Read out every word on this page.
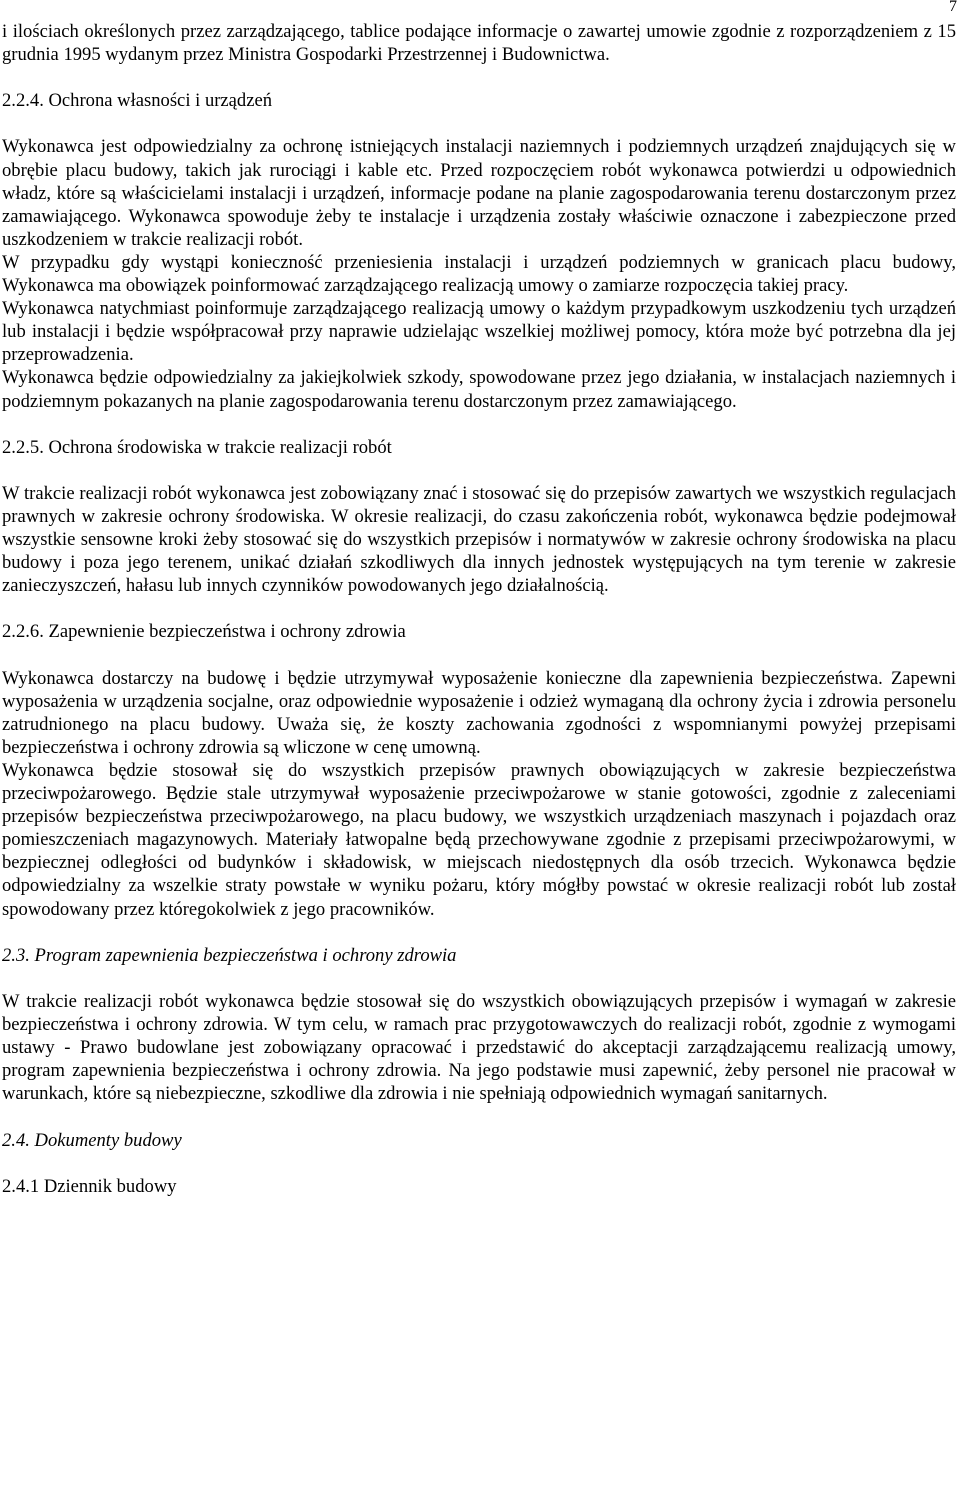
7

i ilościach określonych przez zarządzającego, tablice podające informacje o zawartej umowie zgodnie z rozporządzeniem z 15 grudnia 1995 wydanym przez Ministra Gospodarki Przestrzennej i Budownictwa.

2.2.4. Ochrona własności i urządzeń

Wykonawca jest odpowiedzialny za ochronę istniejących instalacji naziemnych i podziemnych urządzeń znajdujących się w obrębie placu budowy, takich jak rurociągi i kable etc. Przed rozpoczęciem robót wykonawca potwierdzi u odpowiednich władz, które są właścicielami instalacji i urządzeń, informacje podane na planie zagospodarowania terenu dostarczonym przez zamawiającego. Wykonawca spowoduje żeby te instalacje i urządzenia zostały właściwie oznaczone i zabezpieczone przed uszkodzeniem w trakcie realizacji robót.

W przypadku gdy wystąpi konieczność przeniesienia instalacji i urządzeń podziemnych w granicach placu budowy, Wykonawca ma obowiązek poinformować zarządzającego realizacją umowy o zamiarze rozpoczęcia takiej pracy.

Wykonawca natychmiast poinformuje zarządzającego realizacją umowy o każdym przypadkowym uszkodzeniu tych urządzeń lub instalacji i będzie współpracował przy naprawie udzielając wszelkiej możliwej pomocy, która może być potrzebna dla jej przeprowadzenia.

Wykonawca będzie odpowiedzialny za jakiejkolwiek szkody, spowodowane przez jego działania, w instalacjach naziemnych i podziemnym pokazanych na planie zagospodarowania terenu dostarczonym przez zamawiającego.

2.2.5. Ochrona środowiska w trakcie realizacji robót

W trakcie realizacji robót wykonawca jest zobowiązany znać i stosować się do przepisów zawartych we wszystkich regulacjach prawnych w zakresie ochrony środowiska. W okresie realizacji, do czasu zakończenia robót, wykonawca będzie podejmował wszystkie sensowne kroki żeby stosować się do wszystkich przepisów i normatywów w zakresie ochrony środowiska na placu budowy i poza jego terenem, unikać działań szkodliwych dla innych jednostek występujących na tym terenie w zakresie zanieczyszczeń, hałasu lub innych czynników powodowanych jego działalnością.

2.2.6. Zapewnienie bezpieczeństwa i ochrony zdrowia

Wykonawca dostarczy na budowę i będzie utrzymywał wyposażenie konieczne dla zapewnienia bezpieczeństwa. Zapewni wyposażenia w urządzenia socjalne, oraz odpowiednie wyposażenie i odzież wymaganą dla ochrony życia i zdrowia personelu zatrudnionego na placu budowy. Uważa się, że koszty zachowania zgodności z wspomnianymi powyżej przepisami bezpieczeństwa i ochrony zdrowia są wliczone w cenę umowną.

Wykonawca będzie stosował się do wszystkich przepisów prawnych obowiązujących w zakresie bezpieczeństwa przeciwpożarowego. Będzie stale utrzymywał wyposażenie przeciwpożarowe w stanie gotowości, zgodnie z zaleceniami przepisów bezpieczeństwa przeciwpożarowego, na placu budowy, we wszystkich urządzeniach maszynach i pojazdach oraz pomieszczeniach magazynowych. Materiały łatwopalne będą przechowywane zgodnie z przepisami przeciwpożarowymi, w bezpiecznej odległości od budynków i składowisk, w miejscach niedostępnych dla osób trzecich. Wykonawca będzie odpowiedzialny za wszelkie straty powstałe w wyniku pożaru, który mógłby powstać w okresie realizacji robót lub został spowodowany przez któregokolwiek z jego pracowników.

2.3. Program zapewnienia bezpieczeństwa i ochrony zdrowia

W trakcie realizacji robót wykonawca będzie stosował się do wszystkich obowiązujących przepisów i wymagań w zakresie bezpieczeństwa i ochrony zdrowia. W tym celu, w ramach prac przygotowawczych do realizacji robót, zgodnie z wymogami ustawy - Prawo budowlane jest zobowiązany opracować i przedstawić do akceptacji zarządzającemu realizacją umowy, program zapewnienia bezpieczeństwa i ochrony zdrowia. Na jego podstawie musi zapewnić, żeby personel nie pracował w warunkach, które są niebezpieczne, szkodliwe dla zdrowia i nie spełniają odpowiednich wymagań sanitarnych.

2.4. Dokumenty budowy

2.4.1 Dziennik budowy
